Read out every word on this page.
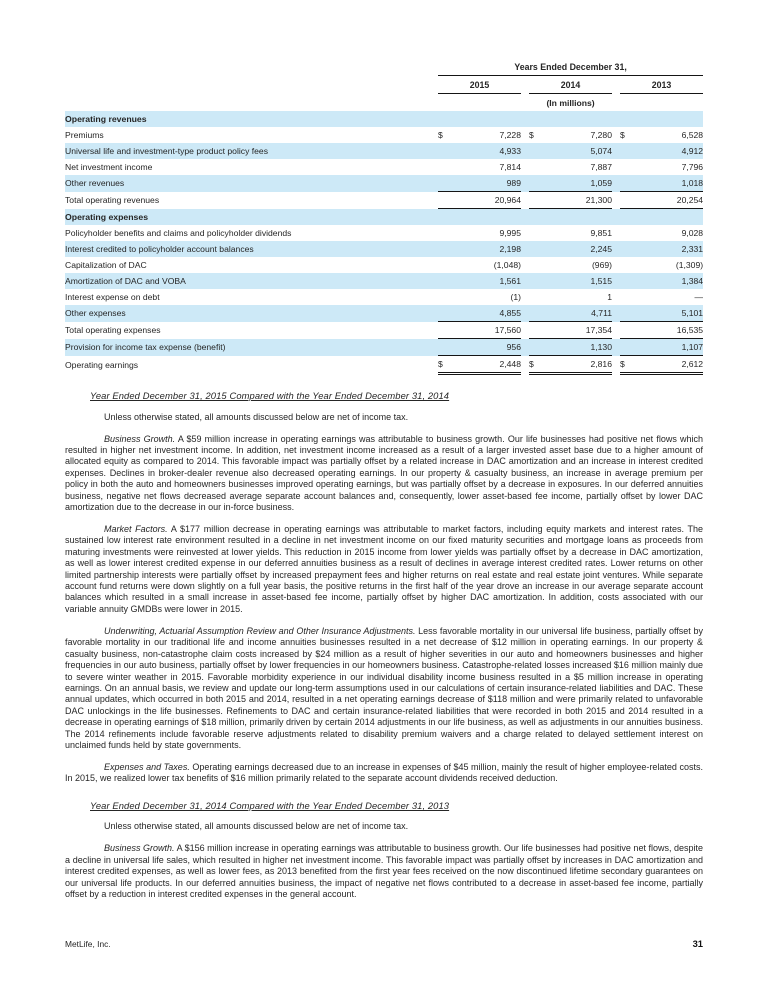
	Years Ended December 31,							
	2015			2014			2013	
	(In millions)							
Operating revenues								
Premiums	$	7,228		$	7,280		$	6,528
Universal life and investment-type product policy fees		4,933			5,074			4,912
Net investment income		7,814			7,887			7,796
Other revenues		989			1,059			1,018
Total operating revenues		20,964			21,300			20,254
Operating expenses								
Policyholder benefits and claims and policyholder dividends		9,995			9,851			9,028
Interest credited to policyholder account balances		2,198			2,245			2,331
Capitalization of DAC		(1,048)			(969)			(1,309)
Amortization of DAC and VOBA		1,561			1,515			1,384
Interest expense on debt		(1)			1			—
Other expenses		4,855			4,711			5,101
Total operating expenses		17,560			17,354			16,535
Provision for income tax expense (benefit)		956			1,130			1,107
Operating earnings	$	2,448		$	2,816		$	2,612
Year Ended December 31, 2015 Compared with the Year Ended December 31, 2014

Unless otherwise stated, all amounts discussed below are net of income tax.

Business Growth. A $59 million increase in operating earnings was attributable to business growth. Our life businesses had positive net flows which resulted in higher net investment income. In addition, net investment income increased as a result of a larger invested asset base due to a higher amount of allocated equity as compared to 2014. This favorable impact was partially offset by a related increase in DAC amortization and an increase in interest credited expenses. Declines in broker-dealer revenue also decreased operating earnings. In our property & casualty business, an increase in average premium per policy in both the auto and homeowners businesses improved operating earnings, but was partially offset by a decrease in exposures. In our deferred annuities business, negative net flows decreased average separate account balances and, consequently, lower asset-based fee income, partially offset by lower DAC amortization due to the decrease in our in-force business.

Market Factors. A $177 million decrease in operating earnings was attributable to market factors, including equity markets and interest rates. The sustained low interest rate environment resulted in a decline in net investment income on our fixed maturity securities and mortgage loans as proceeds from maturing investments were reinvested at lower yields. This reduction in 2015 income from lower yields was partially offset by a decrease in DAC amortization, as well as lower interest credited expense in our deferred annuities business as a result of declines in average interest credited rates. Lower returns on other limited partnership interests were partially offset by increased prepayment fees and higher returns on real estate and real estate joint ventures. While separate account fund returns were down slightly on a full year basis, the positive returns in the first half of the year drove an increase in our average separate account balances which resulted in a small increase in asset-based fee income, partially offset by higher DAC amortization. In addition, costs associated with our variable annuity GMDBs were lower in 2015.

Underwriting, Actuarial Assumption Review and Other Insurance Adjustments. Less favorable mortality in our universal life business, partially offset by favorable mortality in our traditional life and income annuities businesses resulted in a net decrease of $12 million in operating earnings. In our property & casualty business, non-catastrophe claim costs increased by $24 million as a result of higher severities in our auto and homeowners businesses and higher frequencies in our auto business, partially offset by lower frequencies in our homeowners business. Catastrophe-related losses increased $16 million mainly due to severe winter weather in 2015. Favorable morbidity experience in our individual disability income business resulted in a $5 million increase in operating earnings. On an annual basis, we review and update our long-term assumptions used in our calculations of certain insurance-related liabilities and DAC. These annual updates, which occurred in both 2015 and 2014, resulted in a net operating earnings decrease of $118 million and were primarily related to unfavorable DAC unlockings in the life businesses. Refinements to DAC and certain insurance-related liabilities that were recorded in both 2015 and 2014 resulted in a decrease in operating earnings of $18 million, primarily driven by certain 2014 adjustments in our life business, as well as adjustments in our annuities business. The 2014 refinements include favorable reserve adjustments related to disability premium waivers and a charge related to delayed settlement interest on unclaimed funds held by state governments.

Expenses and Taxes. Operating earnings decreased due to an increase in expenses of $45 million, mainly the result of higher employee-related costs. In 2015, we realized lower tax benefits of $16 million primarily related to the separate account dividends received deduction.

Year Ended December 31, 2014 Compared with the Year Ended December 31, 2013

Unless otherwise stated, all amounts discussed below are net of income tax.

Business Growth. A $156 million increase in operating earnings was attributable to business growth. Our life businesses had positive net flows, despite a decline in universal life sales, which resulted in higher net investment income. This favorable impact was partially offset by increases in DAC amortization and interest credited expenses, as well as lower fees, as 2013 benefited from the first year fees received on the now discontinued lifetime secondary guarantees on our universal life products. In our deferred annuities business, the impact of negative net flows contributed to a decrease in asset-based fee income, partially offset by a reduction in interest credited expenses in the general account.

MetLife, Inc.	31
